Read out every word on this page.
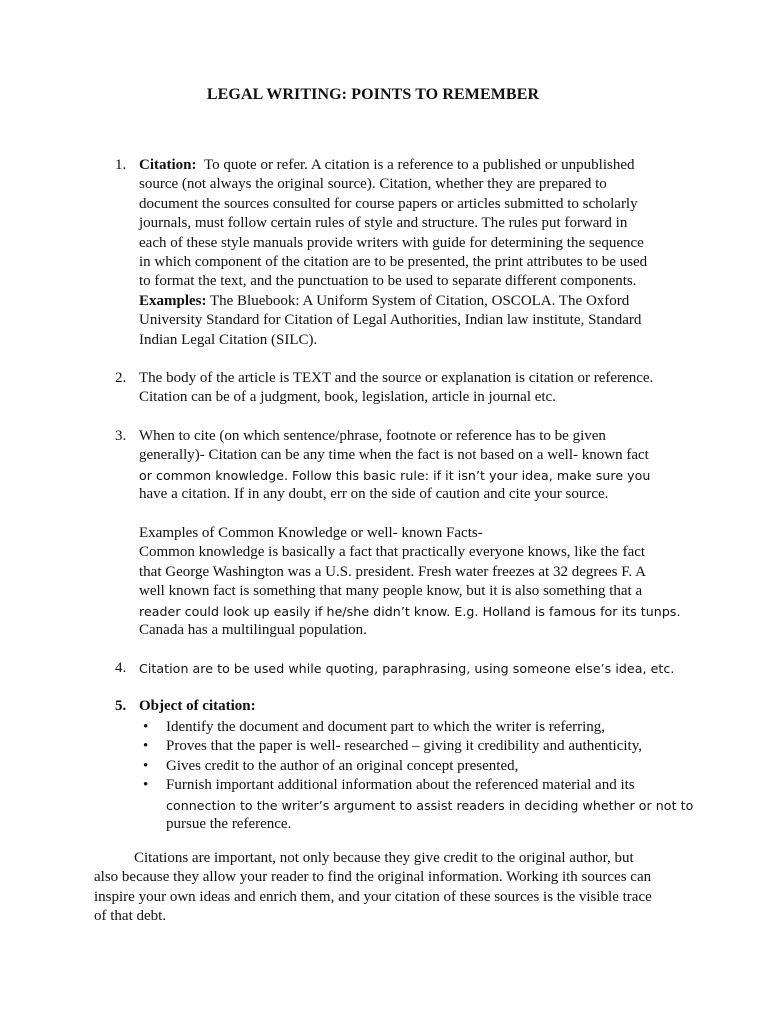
LEGAL WRITING: POINTS TO REMEMBER
1. Citation: To quote or refer. A citation is a reference to a published or unpublished
source (not always the original source). Citation, whether they are prepared to
document the sources consulted for course papers or articles submitted to scholarly
journals, must follow certain rules of style and structure. The rules put forward in
each of these style manuals provide writers with guide for determining the sequence
in which component of the citation are to be presented, the print attributes to be used
to format the text, and the punctuation to be used to separate different components.
Examples: The Bluebook: A Uniform System of Citation, OSCOLA. The Oxford
University Standard for Citation of Legal Authorities, Indian law institute, Standard
Indian Legal Citation (SILC).
2. The body of the article is TEXT and the source or explanation is citation or reference.
Citation can be of a judgment, book, legislation, article in journal etc.
3. When to cite (on which sentence/phrase, footnote or reference has to be given
generally)- Citation can be any time when the fact is not based on a well- known fact
or common knowledge. Follow this basic rule: if it isn’t your idea, make sure you
have a citation. If in any doubt, err on the side of caution and cite your source.
Examples of Common Knowledge or well- known Facts-
Common knowledge is basically a fact that practically everyone knows, like the fact
that George Washington was a U.S. president. Fresh water freezes at 32 degrees F. A
well known fact is something that many people know, but it is also something that a
reader could look up easily if he/she didn’t know. E.g. Holland is famous for its tunps.
Canada has a multilingual population.
4. Citation are to be used while quoting, paraphrasing, using someone else’s idea, etc.
5. Object of citation:
• Identify the document and document part to which the writer is referring,
• Proves that the paper is well- researched – giving it credibility and authenticity,
• Gives credit to the author of an original concept presented,
• Furnish important additional information about the referenced material and its
connection to the writer’s argument to assist readers in deciding whether or not to
pursue the reference.
Citations are important, not only because they give credit to the original author, but
also because they allow your reader to find the original information. Working ith sources can
inspire your own ideas and enrich them, and your citation of these sources is the visible trace
of that debt.
